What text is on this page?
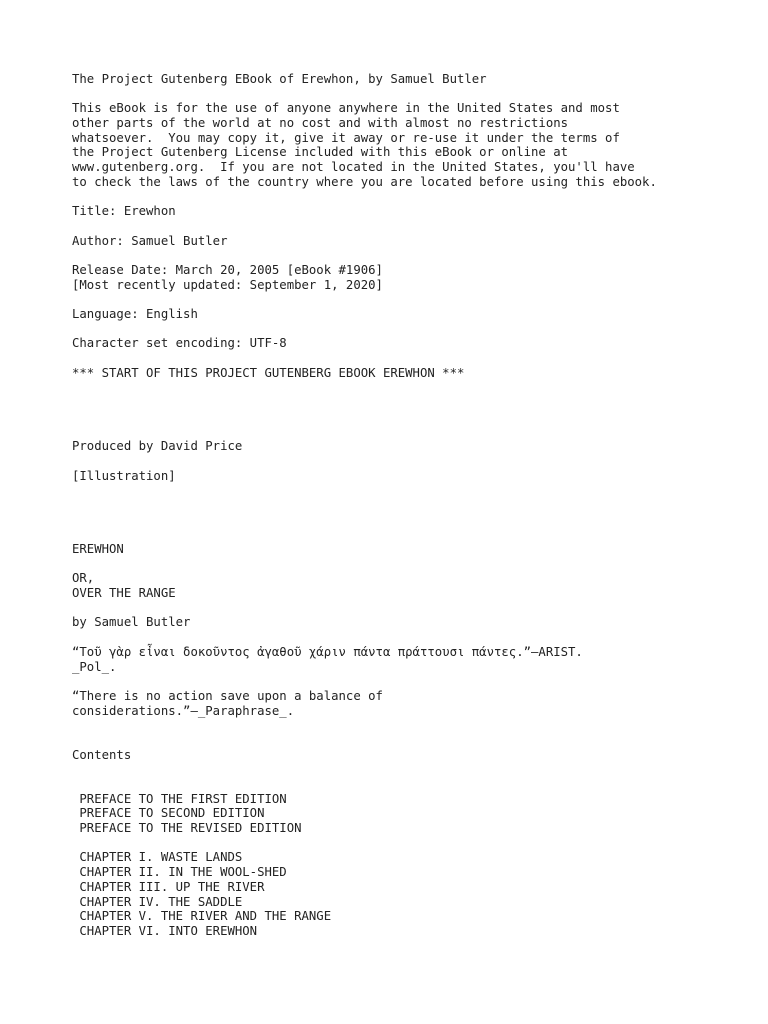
The Project Gutenberg EBook of Erewhon, by Samuel Butler
This eBook is for the use of anyone anywhere in the United States and most
other parts of the world at no cost and with almost no restrictions
whatsoever.  You may copy it, give it away or re-use it under the terms of
the Project Gutenberg License included with this eBook or online at
www.gutenberg.org.  If you are not located in the United States, you'll have
to check the laws of the country where you are located before using this ebook.
Title: Erewhon
Author: Samuel Butler
Release Date: March 20, 2005 [eBook #1906]
[Most recently updated: September 1, 2020]
Language: English
Character set encoding: UTF-8
*** START OF THIS PROJECT GUTENBERG EBOOK EREWHON ***
Produced by David Price
[Illustration]
EREWHON
OR,
OVER THE RANGE
by Samuel Butler
“Τοῦ γὰρ εἶναι δοκοῦντος ἀγαθοῦ χάριν πάντα πράττουσι πάντες.”—ARIST.
_Pol_.
“There is no action save upon a balance of
considerations.”—_Paraphrase_.
Contents
PREFACE TO THE FIRST EDITION
PREFACE TO SECOND EDITION
PREFACE TO THE REVISED EDITION
CHAPTER I. WASTE LANDS
CHAPTER II. IN THE WOOL-SHED
CHAPTER III. UP THE RIVER
CHAPTER IV. THE SADDLE
CHAPTER V. THE RIVER AND THE RANGE
CHAPTER VI. INTO EREWHON
